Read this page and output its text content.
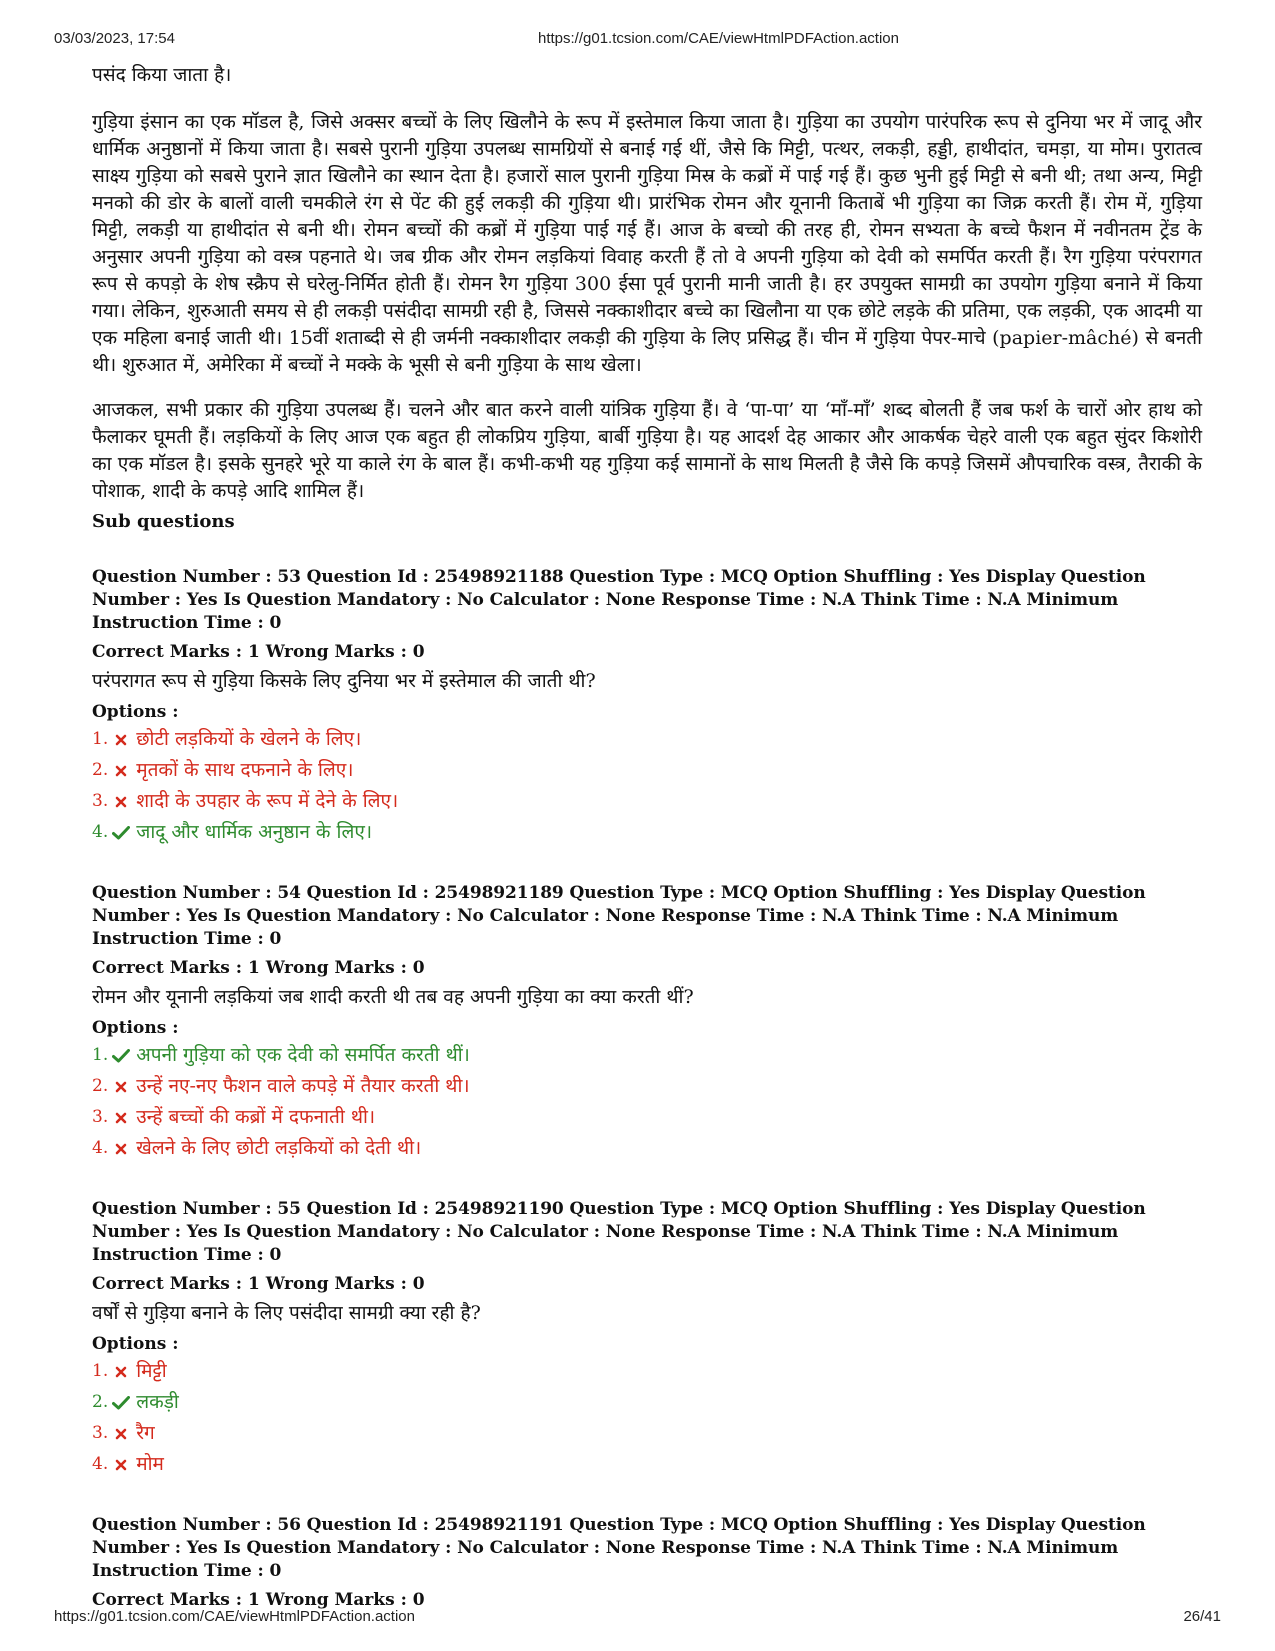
03/03/2023, 17:54	https://g01.tcsion.com/CAE/viewHtmlPDFAction.action

पसंद किया जाता है।

गुड़िया इंसान का एक मॉडल है, जिसे अक्सर बच्चों के लिए खिलौने के रूप में इस्तेमाल किया जाता है। गुड़िया का उपयोग पारंपरिक रूप से दुनिया भर में जादू और धार्मिक अनुष्ठानों में किया जाता है। सबसे पुरानी गुड़िया उपलब्ध सामग्रियों से बनाई गई थीं, जैसे कि मिट्टी, पत्थर, लकड़ी, हड्डी, हाथीदांत, चमड़ा, या मोम। पुरातत्व साक्ष्य गुड़िया को सबसे पुराने ज्ञात खिलौने का स्थान देता है। हजारों साल पुरानी गुड़िया मिस्र के कब्रों में पाई गई हैं। कुछ भुनी हुई मिट्टी से बनी थी; तथा अन्य, मिट्टी मनको की डोर के बालों वाली चमकीले रंग से पेंट की हुई लकड़ी की गुड़िया थी। प्रारंभिक रोमन और यूनानी किताबें भी गुड़िया का जिक्र करती हैं। रोम में, गुड़िया मिट्टी, लकड़ी या हाथीदांत से बनी थी। रोमन बच्चों की कब्रों में गुड़िया पाई गई हैं। आज के बच्चो की तरह ही, रोमन सभ्यता के बच्चे फैशन में नवीनतम ट्रेंड के अनुसार अपनी गुड़िया को वस्त्र पहनाते थे। जब ग्रीक और रोमन लड़कियां विवाह करती हैं तो वे अपनी गुड़िया को देवी को समर्पित करती हैं। रैग गुड़िया परंपरागत रूप से कपड़ो के शेष स्क्रैप से घरेलु-निर्मित होती हैं। रोमन रैग गुड़िया 300 ईसा पूर्व पुरानी मानी जाती है। हर उपयुक्त सामग्री का उपयोग गुड़िया बनाने में किया गया। लेकिन, शुरुआती समय से ही लकड़ी पसंदीदा सामग्री रही है, जिससे नक्काशीदार बच्चे का खिलौना या एक छोटे लड़के की प्रतिमा, एक लड़की, एक आदमी या एक महिला बनाई जाती थी। 15वीं शताब्दी से ही जर्मनी नक्काशीदार लकड़ी की गुड़िया के लिए प्रसिद्ध हैं। चीन में गुड़िया पेपर-माचे (papier-mâché) से बनती थी। शुरुआत में, अमेरिका में बच्चों ने मक्के के भूसी से बनी गुड़िया के साथ खेला।

आजकल, सभी प्रकार की गुड़िया उपलब्ध हैं। चलने और बात करने वाली यांत्रिक गुड़िया हैं। वे ‘पा-पा’ या ‘माँ-माँ’ शब्द बोलती हैं जब फर्श के चारों ओर हाथ को फैलाकर घूमती हैं। लड़कियों के लिए आज एक बहुत ही लोकप्रिय गुड़िया, बार्बी गुड़िया है। यह आदर्श देह आकार और आकर्षक चेहरे वाली एक बहुत सुंदर किशोरी का एक मॉडल है। इसके सुनहरे भूरे या काले रंग के बाल हैं। कभी-कभी यह गुड़िया कई सामानों के साथ मिलती है जैसे कि कपड़े जिसमें औपचारिक वस्त्र, तैराकी के पोशाक, शादी के कपड़े आदि शामिल हैं।

Sub questions
Question Number : 53 Question Id : 25498921188 Question Type : MCQ Option Shuffling : Yes Display Question Number : Yes Is Question Mandatory : No Calculator : None Response Time : N.A Think Time : N.A Minimum Instruction Time : 0
Correct Marks : 1 Wrong Marks : 0
परंपरागत रूप से गुड़िया किसके लिए दुनिया भर में इस्तेमाल की जाती थी?
Options :
1. छोटी लड़कियों के खेलने के लिए।
2. मृतकों के साथ दफनाने के लिए।
3. शादी के उपहार के रूप में देने के लिए।
4. जादू और धार्मिक अनुष्ठान के लिए।
Question Number : 54 Question Id : 25498921189 Question Type : MCQ Option Shuffling : Yes Display Question Number : Yes Is Question Mandatory : No Calculator : None Response Time : N.A Think Time : N.A Minimum Instruction Time : 0
Correct Marks : 1 Wrong Marks : 0
रोमन और यूनानी लड़कियां जब शादी करती थी तब वह अपनी गुड़िया का क्या करती थीं?
Options :
1. अपनी गुड़िया को एक देवी को समर्पित करती थीं।
2. उन्हें नए-नए फैशन वाले कपड़े में तैयार करती थी।
3. उन्हें बच्चों की कब्रों में दफनाती थी।
4. खेलने के लिए छोटी लड़कियों को देती थी।
Question Number : 55 Question Id : 25498921190 Question Type : MCQ Option Shuffling : Yes Display Question Number : Yes Is Question Mandatory : No Calculator : None Response Time : N.A Think Time : N.A Minimum Instruction Time : 0
Correct Marks : 1 Wrong Marks : 0
वर्षों से गुड़िया बनाने के लिए पसंदीदा सामग्री क्या रही है?
Options :
1. मिट्टी
2. लकड़ी
3. रैग
4. मोम
Question Number : 56 Question Id : 25498921191 Question Type : MCQ Option Shuffling : Yes Display Question Number : Yes Is Question Mandatory : No Calculator : None Response Time : N.A Think Time : N.A Minimum Instruction Time : 0
Correct Marks : 1 Wrong Marks : 0
https://g01.tcsion.com/CAE/viewHtmlPDFAction.action	26/41
